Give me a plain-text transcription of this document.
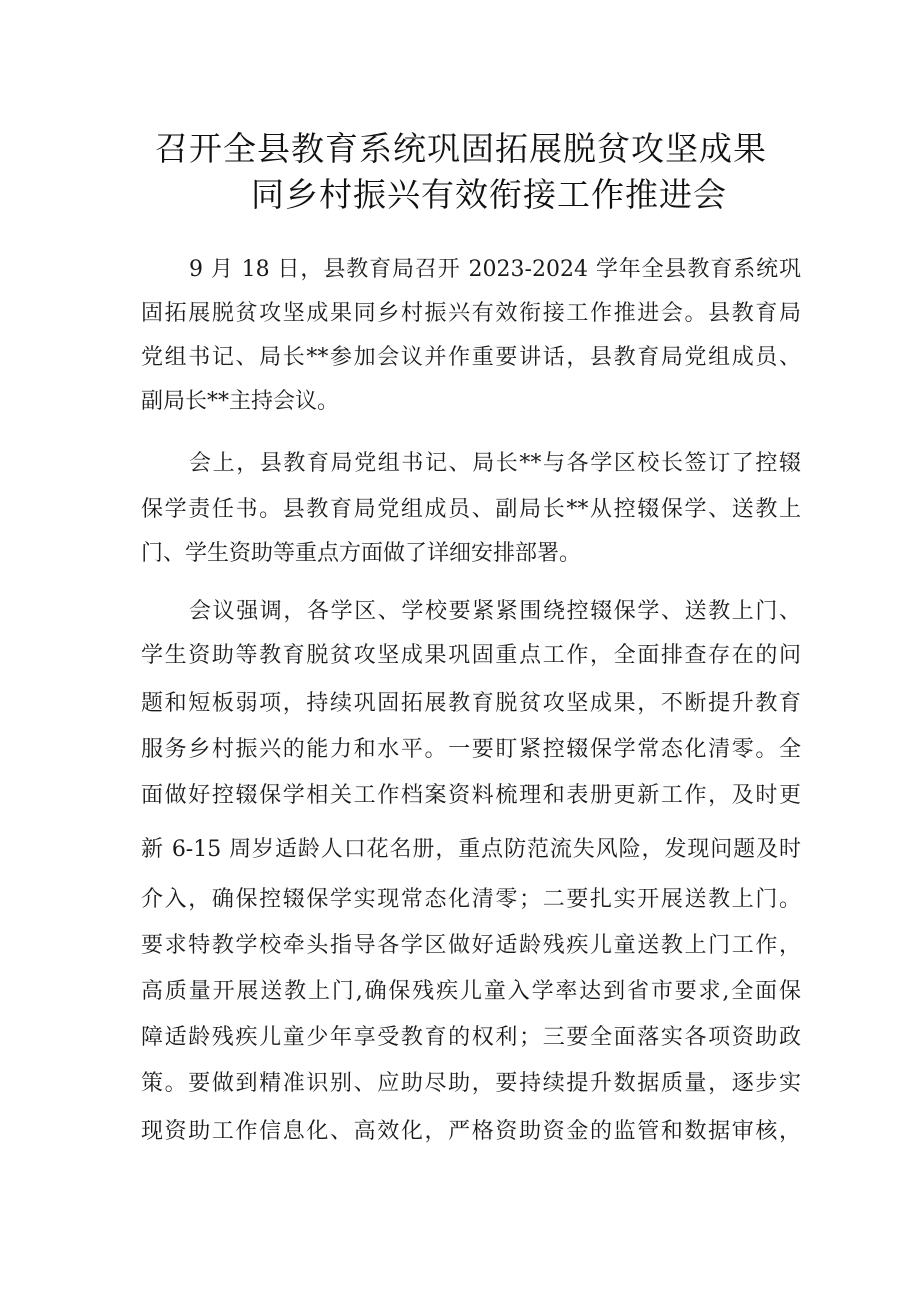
召开全县教育系统巩固拓展脱贫攻坚成果
同乡村振兴有效衔接工作推进会
9 月 18 日，县教育局召开 2023-2024 学年全县教育系统巩
固拓展脱贫攻坚成果同乡村振兴有效衔接工作推进会。县教育局
党组书记、局长**参加会议并作重要讲话，县教育局党组成员、
副局长**主持会议。
会上，县教育局党组书记、局长**与各学区校长签订了控辍
保学责任书。县教育局党组成员、副局长**从控辍保学、送教上
门、学生资助等重点方面做了详细安排部署。
会议强调，各学区、学校要紧紧围绕控辍保学、送教上门、
学生资助等教育脱贫攻坚成果巩固重点工作，全面排查存在的问
题和短板弱项，持续巩固拓展教育脱贫攻坚成果，不断提升教育
服务乡村振兴的能力和水平。一要盯紧控辍保学常态化清零。全
面做好控辍保学相关工作档案资料梳理和表册更新工作，及时更
新 6-15 周岁适龄人口花名册，重点防范流失风险，发现问题及时
介入，确保控辍保学实现常态化清零；二要扎实开展送教上门。
要求特教学校牵头指导各学区做好适龄残疾儿童送教上门工作，
高质量开展送教上门,确保残疾儿童入学率达到省市要求,全面保
障适龄残疾儿童少年享受教育的权利；三要全面落实各项资助政
策。要做到精准识别、应助尽助，要持续提升数据质量，逐步实
现资助工作信息化、高效化，严格资助资金的监管和数据审核，
